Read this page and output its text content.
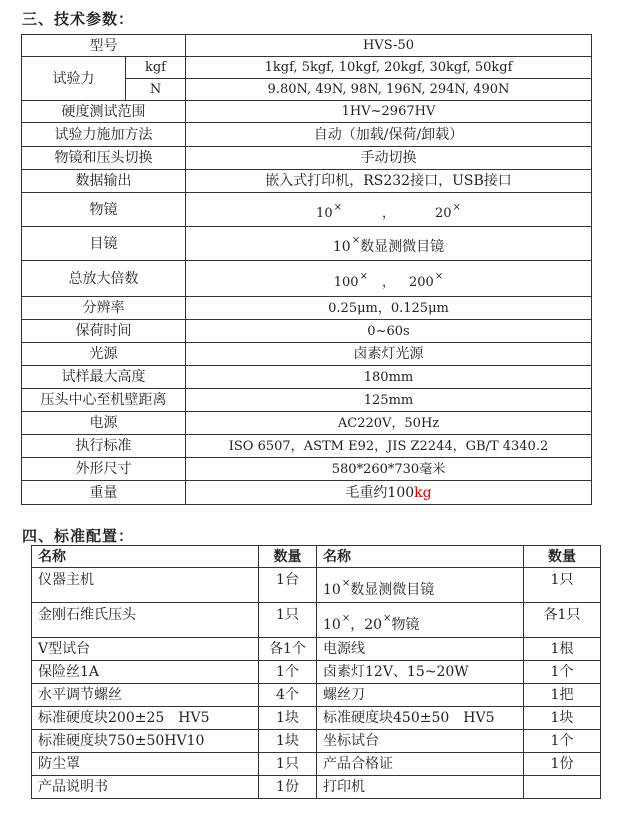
三、技术参数：
型号		HVS-50
试验力	kgf	1kgf, 5kgf, 10kgf, 20kgf, 30kgf, 50kgf
	N	9.80N, 49N, 98N, 196N, 294N, 490N
硬度测试范围		1HV~2967HV
试验力施加方法		自动（加载/保荷/卸载）
物镜和压头切换		手动切换
数据输出		嵌入式打印机，RS232接口，USB接口
物镜		10× ， 20×
目镜		10×数显测微目镜
总放大倍数		100× ， 200×
分辨率		0.25μm，0.125μm
保荷时间		0~60s
光源		卤素灯光源
试样最大高度		180mm
压头中心至机壁距离		125mm
电源		AC220V，50Hz
执行标准		ISO 6507，ASTM E92，JIS Z2244，GB/T 4340.2
外形尺寸		580*260*730毫米
重量		毛重约100kg
四、标准配置：
名称	数量	名称	数量
仪器主机	1台	10×数显测微目镜	1只
金刚石维氏压头	1只	10×，20×物镜	各1只
V型试台	各1个	电源线	1根
保险丝1A	1个	卤素灯12V、15~20W	1个
水平调节螺丝	4个	螺丝刀	1把
标准硬度块200±25　HV5	1块	标准硬度块450±50　HV5	1块
标准硬度块750±50HV10	1块	坐标试台	1个
防尘罩	1只	产品合格证	1份
产品说明书	1份	打印机	
